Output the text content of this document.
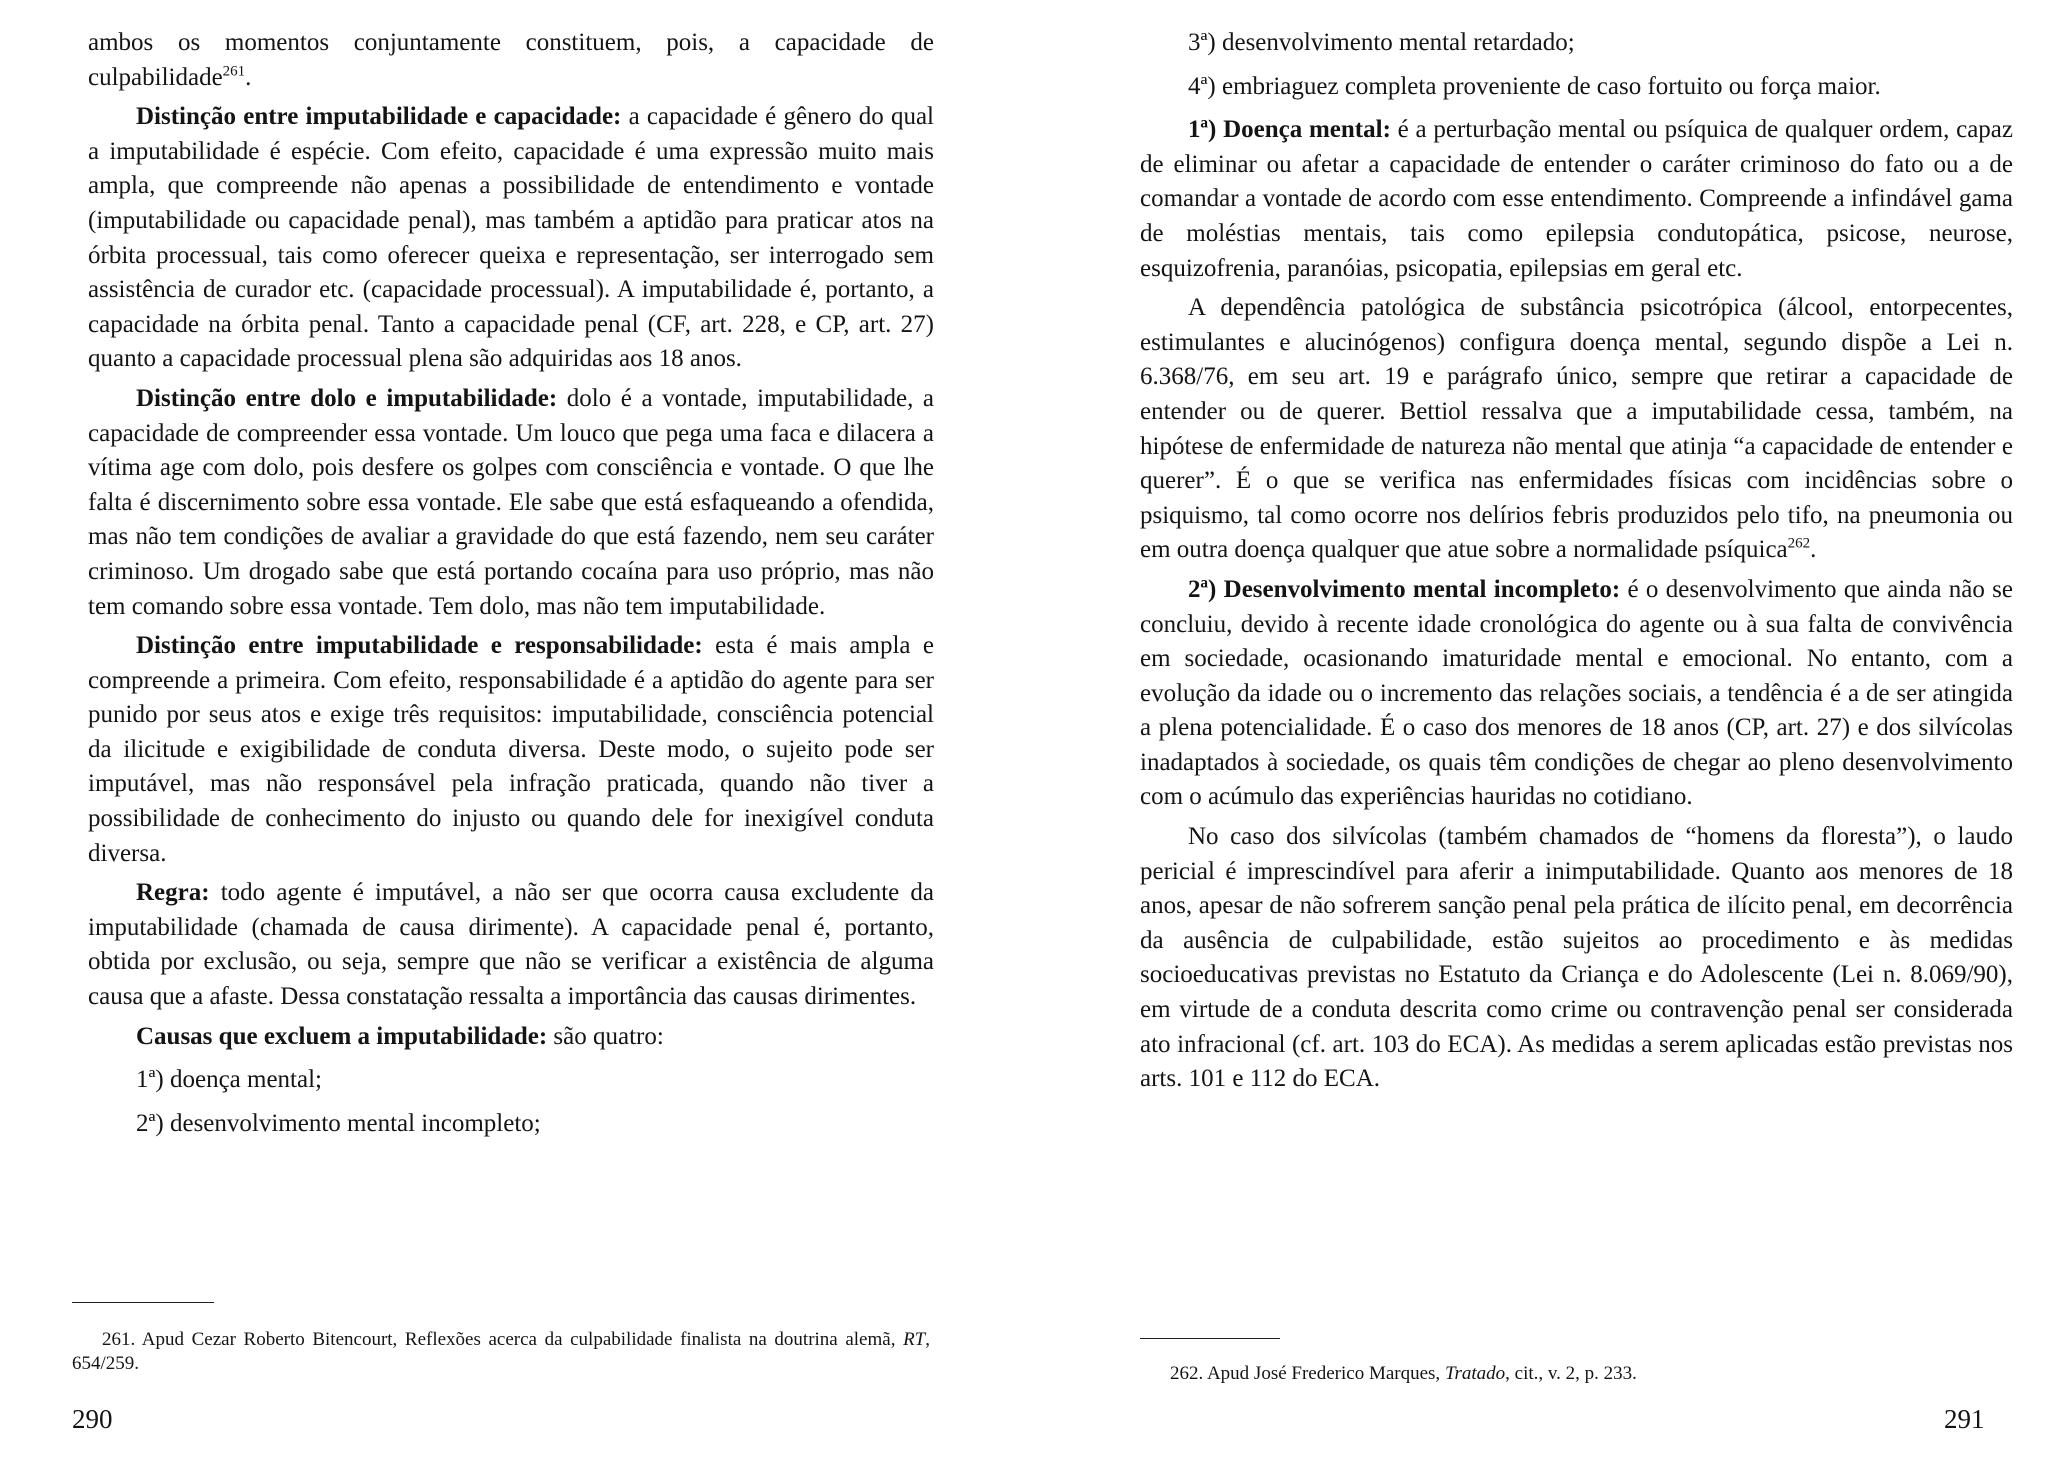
ambos os momentos conjuntamente constituem, pois, a capacidade de culpabilidade$^{261}$.

Distinção entre imputabilidade e capacidade: a capacidade é gênero do qual a imputabilidade é espécie. Com efeito, capacidade é uma expressão muito mais ampla, que compreende não apenas a possibilidade de entendimento e vontade (imputabilidade ou capacidade penal), mas também a aptidão para praticar atos na órbita processual, tais como oferecer queixa e representação, ser interrogado sem assistência de curador etc. (capacidade processual). A imputabilidade é, portanto, a capacidade na órbita penal. Tanto a capacidade penal (CF, art. 228, e CP, art. 27) quanto a capacidade processual plena são adquiridas aos 18 anos.

Distinção entre dolo e imputabilidade: dolo é a vontade, imputabilidade, a capacidade de compreender essa vontade. Um louco que pega uma faca e dilacera a vítima age com dolo, pois desfere os golpes com consciência e vontade. O que lhe falta é discernimento sobre essa vontade. Ele sabe que está esfaqueando a ofendida, mas não tem condições de avaliar a gravidade do que está fazendo, nem seu caráter criminoso. Um drogado sabe que está portando cocaína para uso próprio, mas não tem comando sobre essa vontade. Tem dolo, mas não tem imputabilidade.

Distinção entre imputabilidade e responsabilidade: esta é mais ampla e compreende a primeira. Com efeito, responsabilidade é a aptidão do agente para ser punido por seus atos e exige três requisitos: imputabilidade, consciência potencial da ilicitude e exigibilidade de conduta diversa. Deste modo, o sujeito pode ser imputável, mas não responsável pela infração praticada, quando não tiver a possibilidade de conhecimento do injusto ou quando dele for inexigível conduta diversa.

Regra: todo agente é imputável, a não ser que ocorra causa excludente da imputabilidade (chamada de causa dirimente). A capacidade penal é, portanto, obtida por exclusão, ou seja, sempre que não se verificar a existência de alguma causa que a afaste. Dessa constatação ressalta a importância das causas dirimentes.

Causas que excluem a imputabilidade: são quatro:

1ª) doença mental;

2ª) desenvolvimento mental incompleto;

261. Apud Cezar Roberto Bitencourt, Reflexões acerca da culpabilidade finalista na doutrina alemã, RT, 654/259.
290

3ª) desenvolvimento mental retardado;

4ª) embriaguez completa proveniente de caso fortuito ou força maior.

1ª) Doença mental: é a perturbação mental ou psíquica de qualquer ordem, capaz de eliminar ou afetar a capacidade de entender o caráter criminoso do fato ou a de comandar a vontade de acordo com esse entendimento. Compreende a infindável gama de moléstias mentais, tais como epilepsia condutopática, psicose, neurose, esquizofrenia, paranóias, psicopatia, epilepsias em geral etc.

A dependência patológica de substância psicotrópica (álcool, entorpecentes, estimulantes e alucinógenos) configura doença mental, segundo dispõe a Lei n. 6.368/76, em seu art. 19 e parágrafo único, sempre que retirar a capacidade de entender ou de querer. Bettiol ressalva que a imputabilidade cessa, também, na hipótese de enfermidade de natureza não mental que atinja “a capacidade de entender e querer”. É o que se verifica nas enfermidades físicas com incidências sobre o psiquismo, tal como ocorre nos delírios febris produzidos pelo tifo, na pneumonia ou em outra doença qualquer que atue sobre a normalidade psíquica$^{262}$.

2ª) Desenvolvimento mental incompleto: é o desenvolvimento que ainda não se concluiu, devido à recente idade cronológica do agente ou à sua falta de convivência em sociedade, ocasionando imaturidade mental e emocional. No entanto, com a evolução da idade ou o incremento das relações sociais, a tendência é a de ser atingida a plena potencialidade. É o caso dos menores de 18 anos (CP, art. 27) e dos silvícolas inadaptados à sociedade, os quais têm condições de chegar ao pleno desenvolvimento com o acúmulo das experiências hauridas no cotidiano.

No caso dos silvícolas (também chamados de “homens da floresta”), o laudo pericial é imprescindível para aferir a inimputabilidade. Quanto aos menores de 18 anos, apesar de não sofrerem sanção penal pela prática de ilícito penal, em decorrência da ausência de culpabilidade, estão sujeitos ao procedimento e às medidas socioeducativas previstas no Estatuto da Criança e do Adolescente (Lei n. 8.069/90), em virtude de a conduta descrita como crime ou contravenção penal ser considerada ato infracional (cf. art. 103 do ECA). As medidas a serem aplicadas estão previstas nos arts. 101 e 112 do ECA.

262. Apud José Frederico Marques, Tratado, cit., v. 2, p. 233.
291
